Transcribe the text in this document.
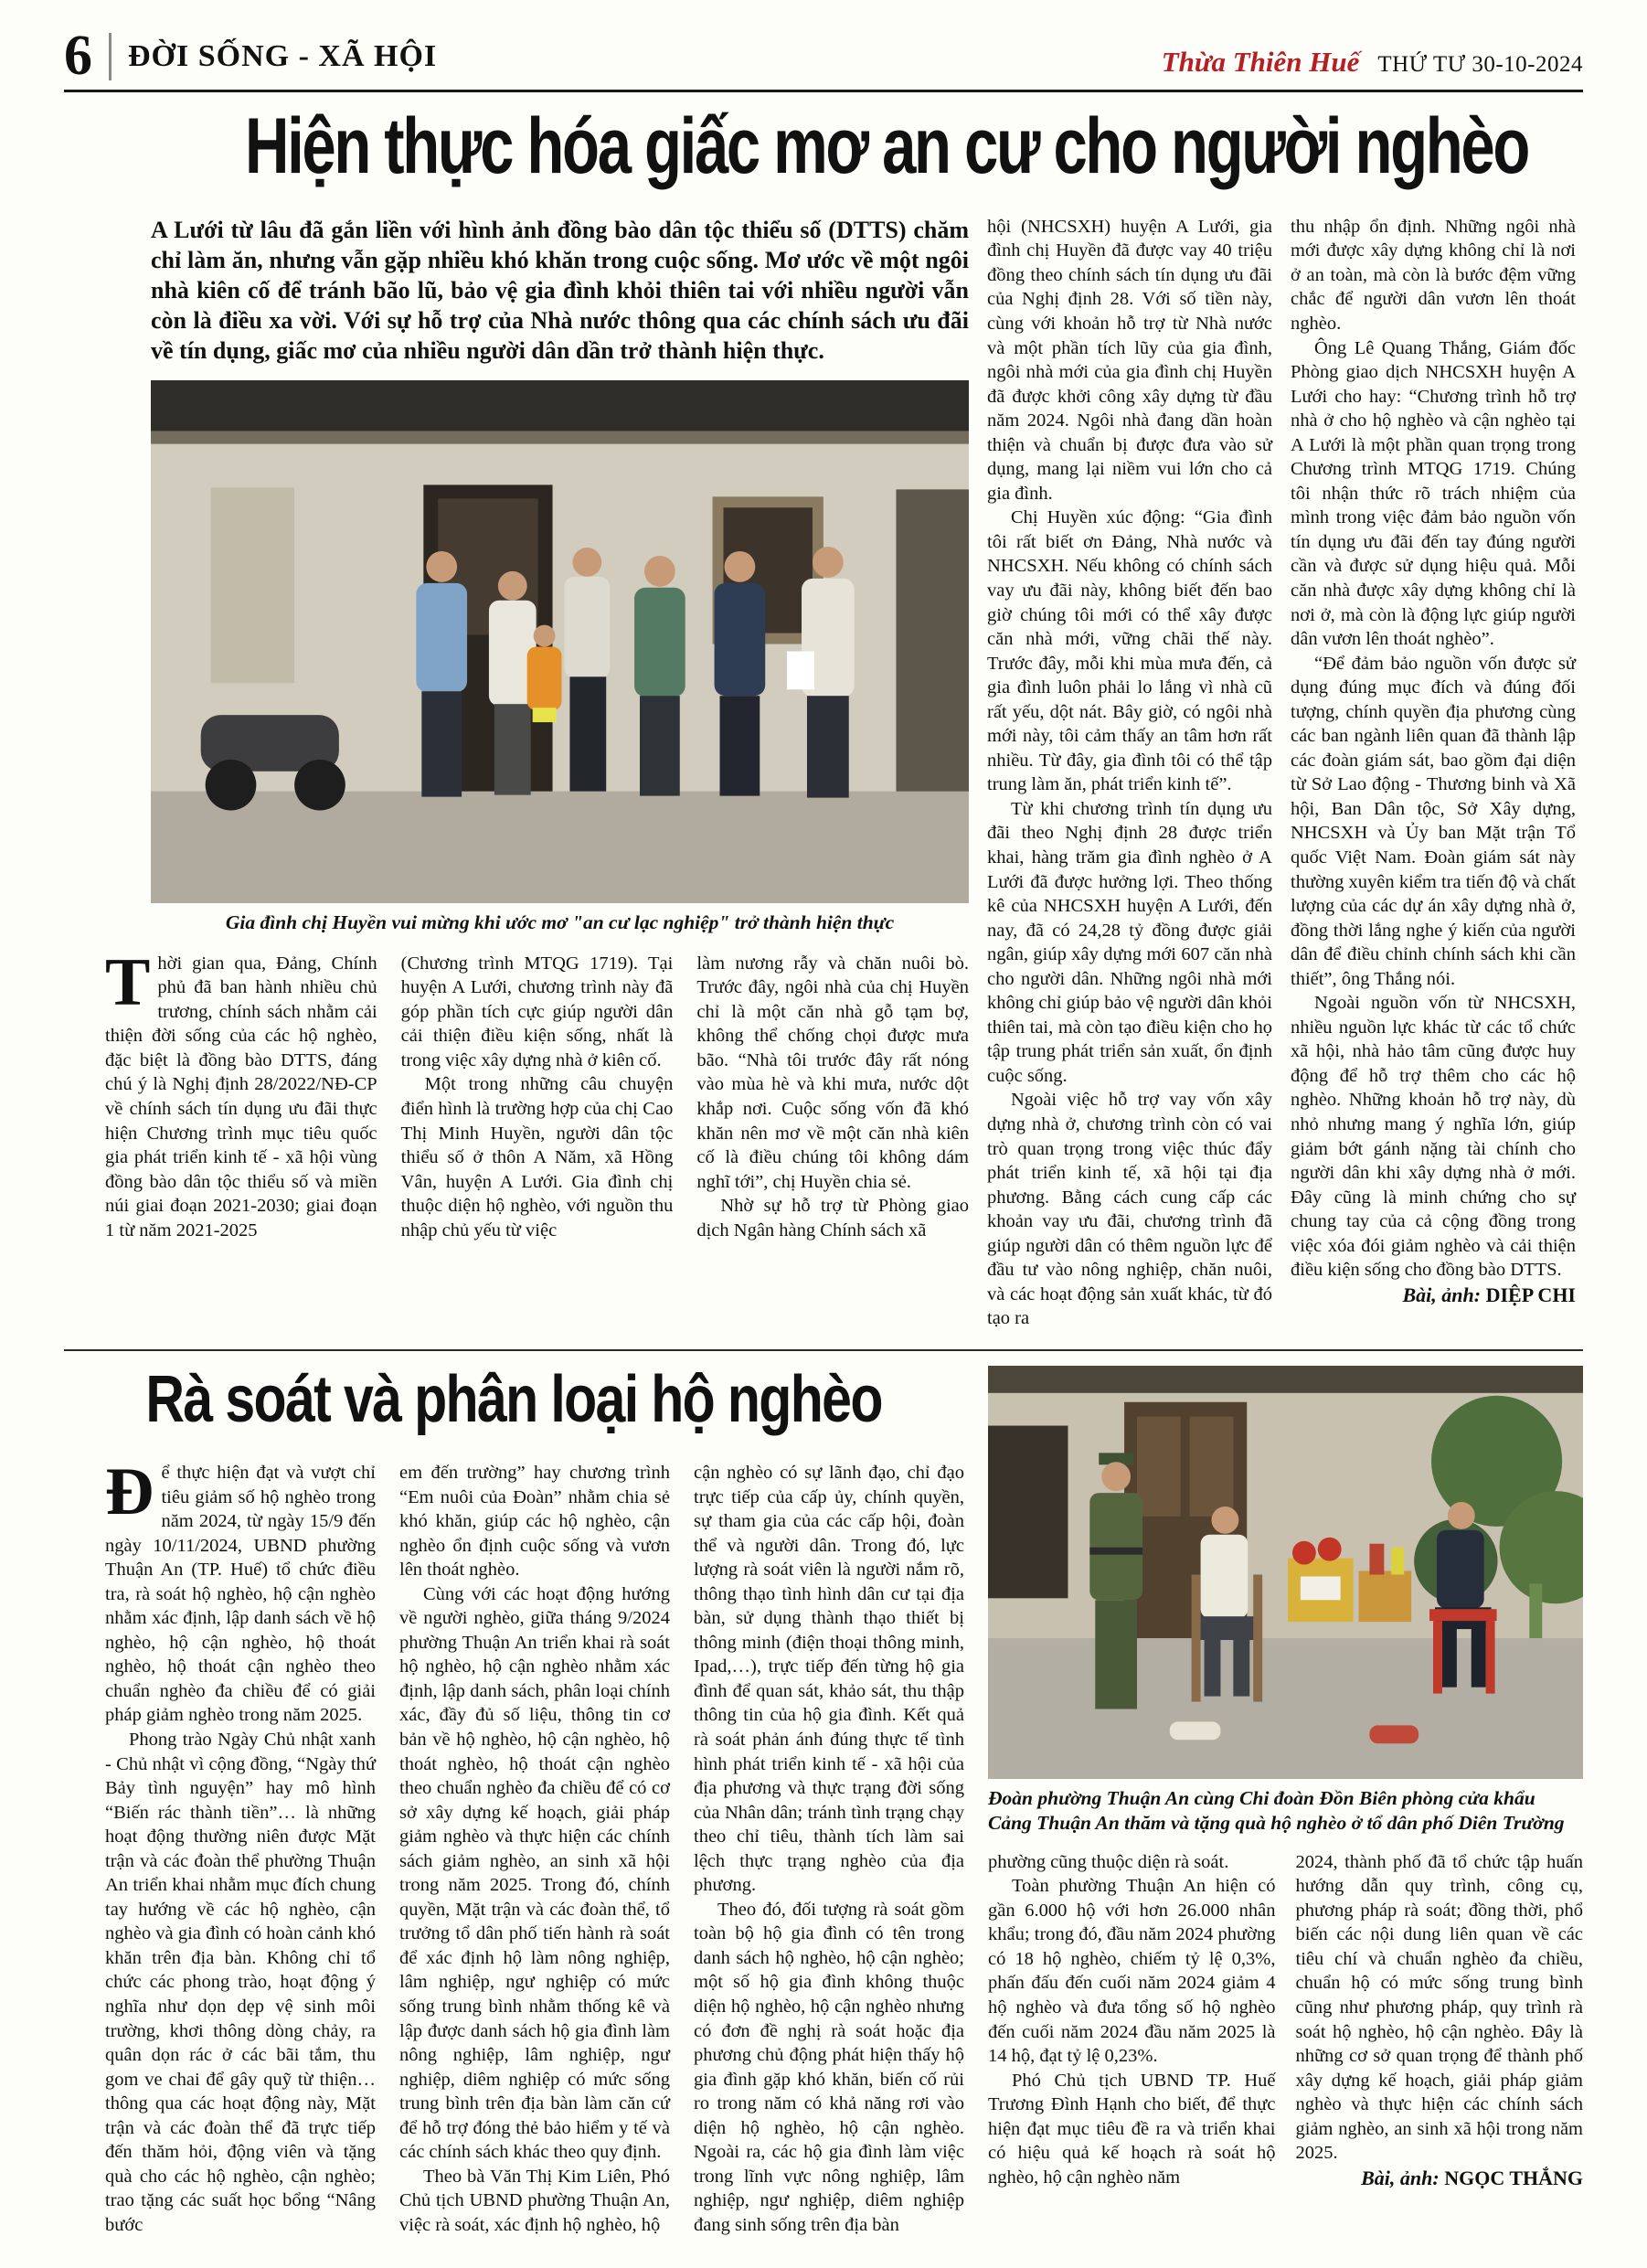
6 ĐỜI SỐNG - XÃ HỘI	Thừa Thiên Huế THỨ TƯ 30-10-2024
Hiện thực hóa giấc mơ an cư cho người nghèo

A Lưới từ lâu đã gắn liền với hình ảnh đồng bào dân tộc thiểu số (DTTS) chăm chỉ làm ăn, nhưng vẫn gặp nhiều khó khăn trong cuộc sống. Mơ ước về một ngôi nhà kiên cố để tránh bão lũ, bảo vệ gia đình khỏi thiên tai với nhiều người vẫn còn là điều xa vời. Với sự hỗ trợ của Nhà nước thông qua các chính sách ưu đãi về tín dụng, giấc mơ của nhiều người dân dần trở thành hiện thực.

Gia đình chị Huyền vui mừng khi ước mơ "an cư lạc nghiệp" trở thành hiện thực

Thời gian qua, Đảng, Chính phủ đã ban hành nhiều chủ trương, chính sách nhằm cải thiện đời sống của các hộ nghèo, đặc biệt là đồng bào DTTS, đáng chú ý là Nghị định 28/2022/NĐ-CP về chính sách tín dụng ưu đãi thực hiện Chương trình mục tiêu quốc gia phát triển kinh tế - xã hội vùng đồng bào dân tộc thiểu số và miền núi giai đoạn 2021-2030; giai đoạn 1 từ năm 2021-2025

(Chương trình MTQG 1719). Tại huyện A Lưới, chương trình này đã góp phần tích cực giúp người dân cải thiện điều kiện sống, nhất là trong việc xây dựng nhà ở kiên cố.

Một trong những câu chuyện điển hình là trường hợp của chị Cao Thị Minh Huyền, người dân tộc thiểu số ở thôn A Năm, xã Hồng Vân, huyện A Lưới. Gia đình chị thuộc diện hộ nghèo, với nguồn thu nhập chủ yếu từ việc

làm nương rẫy và chăn nuôi bò. Trước đây, ngôi nhà của chị Huyền chỉ là một căn nhà gỗ tạm bợ, không thể chống chọi được mưa bão. “Nhà tôi trước đây rất nóng vào mùa hè và khi mưa, nước dột khắp nơi. Cuộc sống vốn đã khó khăn nên mơ về một căn nhà kiên cố là điều chúng tôi không dám nghĩ tới”, chị Huyền chia sẻ.

Nhờ sự hỗ trợ từ Phòng giao dịch Ngân hàng Chính sách xã

hội (NHCSXH) huyện A Lưới, gia đình chị Huyền đã được vay 40 triệu đồng theo chính sách tín dụng ưu đãi của Nghị định 28. Với số tiền này, cùng với khoản hỗ trợ từ Nhà nước và một phần tích lũy của gia đình, ngôi nhà mới của gia đình chị Huyền đã được khởi công xây dựng từ đầu năm 2024. Ngôi nhà đang dần hoàn thiện và chuẩn bị được đưa vào sử dụng, mang lại niềm vui lớn cho cả gia đình.

Chị Huyền xúc động: “Gia đình tôi rất biết ơn Đảng, Nhà nước và NHCSXH. Nếu không có chính sách vay ưu đãi này, không biết đến bao giờ chúng tôi mới có thể xây được căn nhà mới, vững chãi thế này. Trước đây, mỗi khi mùa mưa đến, cả gia đình luôn phải lo lắng vì nhà cũ rất yếu, dột nát. Bây giờ, có ngôi nhà mới này, tôi cảm thấy an tâm hơn rất nhiều. Từ đây, gia đình tôi có thể tập trung làm ăn, phát triển kinh tế”.

Từ khi chương trình tín dụng ưu đãi theo Nghị định 28 được triển khai, hàng trăm gia đình nghèo ở A Lưới đã được hưởng lợi. Theo thống kê của NHCSXH huyện A Lưới, đến nay, đã có 24,28 tỷ đồng được giải ngân, giúp xây dựng mới 607 căn nhà cho người dân. Những ngôi nhà mới không chỉ giúp bảo vệ người dân khỏi thiên tai, mà còn tạo điều kiện cho họ tập trung phát triển sản xuất, ổn định cuộc sống.

Ngoài việc hỗ trợ vay vốn xây dựng nhà ở, chương trình còn có vai trò quan trọng trong việc thúc đẩy phát triển kinh tế, xã hội tại địa phương. Bằng cách cung cấp các khoản vay ưu đãi, chương trình đã giúp người dân có thêm nguồn lực để đầu tư vào nông nghiệp, chăn nuôi, và các hoạt động sản xuất khác, từ đó tạo ra

thu nhập ổn định. Những ngôi nhà mới được xây dựng không chỉ là nơi ở an toàn, mà còn là bước đệm vững chắc để người dân vươn lên thoát nghèo.

Ông Lê Quang Thắng, Giám đốc Phòng giao dịch NHCSXH huyện A Lưới cho hay: “Chương trình hỗ trợ nhà ở cho hộ nghèo và cận nghèo tại A Lưới là một phần quan trọng trong Chương trình MTQG 1719. Chúng tôi nhận thức rõ trách nhiệm của mình trong việc đảm bảo nguồn vốn tín dụng ưu đãi đến tay đúng người cần và được sử dụng hiệu quả. Mỗi căn nhà được xây dựng không chỉ là nơi ở, mà còn là động lực giúp người dân vươn lên thoát nghèo”.

“Để đảm bảo nguồn vốn được sử dụng đúng mục đích và đúng đối tượng, chính quyền địa phương cùng các ban ngành liên quan đã thành lập các đoàn giám sát, bao gồm đại diện từ Sở Lao động - Thương binh và Xã hội, Ban Dân tộc, Sở Xây dựng, NHCSXH và Ủy ban Mặt trận Tổ quốc Việt Nam. Đoàn giám sát này thường xuyên kiểm tra tiến độ và chất lượng của các dự án xây dựng nhà ở, đồng thời lắng nghe ý kiến của người dân để điều chỉnh chính sách khi cần thiết”, ông Thắng nói.

Ngoài nguồn vốn từ NHCSXH, nhiều nguồn lực khác từ các tổ chức xã hội, nhà hảo tâm cũng được huy động để hỗ trợ thêm cho các hộ nghèo. Những khoản hỗ trợ này, dù nhỏ nhưng mang ý nghĩa lớn, giúp giảm bớt gánh nặng tài chính cho người dân khi xây dựng nhà ở mới. Đây cũng là minh chứng cho sự chung tay của cả cộng đồng trong việc xóa đói giảm nghèo và cải thiện điều kiện sống cho đồng bào DTTS.

Bài, ảnh: DIỆP CHI

Rà soát và phân loại hộ nghèo

Để thực hiện đạt và vượt chỉ tiêu giảm số hộ nghèo trong năm 2024, từ ngày 15/9 đến ngày 10/11/2024, UBND phường Thuận An (TP. Huế) tổ chức điều tra, rà soát hộ nghèo, hộ cận nghèo nhằm xác định, lập danh sách về hộ nghèo, hộ cận nghèo, hộ thoát nghèo, hộ thoát cận nghèo theo chuẩn nghèo đa chiều để có giải pháp giảm nghèo trong năm 2025.

Phong trào Ngày Chủ nhật xanh - Chủ nhật vì cộng đồng, “Ngày thứ Bảy tình nguyện” hay mô hình “Biến rác thành tiền”… là những hoạt động thường niên được Mặt trận và các đoàn thể phường Thuận An triển khai nhằm mục đích chung tay hướng về các hộ nghèo, cận nghèo và gia đình có hoàn cảnh khó khăn trên địa bàn. Không chỉ tổ chức các phong trào, hoạt động ý nghĩa như dọn dẹp vệ sinh môi trường, khơi thông dòng chảy, ra quân dọn rác ở các bãi tắm, thu gom ve chai để gây quỹ từ thiện… thông qua các hoạt động này, Mặt trận và các đoàn thể đã trực tiếp đến thăm hỏi, động viên và tặng quà cho các hộ nghèo, cận nghèo; trao tặng các suất học bổng “Nâng bước

em đến trường” hay chương trình “Em nuôi của Đoàn” nhằm chia sẻ khó khăn, giúp các hộ nghèo, cận nghèo ổn định cuộc sống và vươn lên thoát nghèo.

Cùng với các hoạt động hướng về người nghèo, giữa tháng 9/2024 phường Thuận An triển khai rà soát hộ nghèo, hộ cận nghèo nhằm xác định, lập danh sách, phân loại chính xác, đầy đủ số liệu, thông tin cơ bản về hộ nghèo, hộ cận nghèo, hộ thoát nghèo, hộ thoát cận nghèo theo chuẩn nghèo đa chiều để có cơ sở xây dựng kế hoạch, giải pháp giảm nghèo và thực hiện các chính sách giảm nghèo, an sinh xã hội trong năm 2025. Trong đó, chính quyền, Mặt trận và các đoàn thể, tổ trưởng tổ dân phố tiến hành rà soát để xác định hộ làm nông nghiệp, lâm nghiệp, ngư nghiệp có mức sống trung bình nhằm thống kê và lập được danh sách hộ gia đình làm nông nghiệp, lâm nghiệp, ngư nghiệp, diêm nghiệp có mức sống trung bình trên địa bàn làm căn cứ để hỗ trợ đóng thẻ bảo hiểm y tế và các chính sách khác theo quy định.

Theo bà Văn Thị Kim Liên, Phó Chủ tịch UBND phường Thuận An, việc rà soát, xác định hộ nghèo, hộ

cận nghèo có sự lãnh đạo, chỉ đạo trực tiếp của cấp ủy, chính quyền, sự tham gia của các cấp hội, đoàn thể và người dân. Trong đó, lực lượng rà soát viên là người nắm rõ, thông thạo tình hình dân cư tại địa bàn, sử dụng thành thạo thiết bị thông minh (điện thoại thông minh, Ipad,…), trực tiếp đến từng hộ gia đình để quan sát, khảo sát, thu thập thông tin của hộ gia đình. Kết quả rà soát phản ánh đúng thực tế tình hình phát triển kinh tế - xã hội của địa phương và thực trạng đời sống của Nhân dân; tránh tình trạng chạy theo chỉ tiêu, thành tích làm sai lệch thực trạng nghèo của địa phương.

Theo đó, đối tượng rà soát gồm toàn bộ hộ gia đình có tên trong danh sách hộ nghèo, hộ cận nghèo; một số hộ gia đình không thuộc diện hộ nghèo, hộ cận nghèo nhưng có đơn đề nghị rà soát hoặc địa phương chủ động phát hiện thấy hộ gia đình gặp khó khăn, biến cố rủi ro trong năm có khả năng rơi vào diện hộ nghèo, hộ cận nghèo. Ngoài ra, các hộ gia đình làm việc trong lĩnh vực nông nghiệp, lâm nghiệp, ngư nghiệp, diêm nghiệp đang sinh sống trên địa bàn

Đoàn phường Thuận An cùng Chi đoàn Đồn Biên phòng cửa khẩu Cảng Thuận An thăm và tặng quà hộ nghèo ở tổ dân phố Diên Trường

phường cũng thuộc diện rà soát.

Toàn phường Thuận An hiện có gần 6.000 hộ với hơn 26.000 nhân khẩu; trong đó, đầu năm 2024 phường có 18 hộ nghèo, chiếm tỷ lệ 0,3%, phấn đấu đến cuối năm 2024 giảm 4 hộ nghèo và đưa tổng số hộ nghèo đến cuối năm 2024 đầu năm 2025 là 14 hộ, đạt tỷ lệ 0,23%.

Phó Chủ tịch UBND TP. Huế Trương Đình Hạnh cho biết, để thực hiện đạt mục tiêu đề ra và triển khai có hiệu quả kế hoạch rà soát hộ nghèo, hộ cận nghèo năm

2024, thành phố đã tổ chức tập huấn hướng dẫn quy trình, công cụ, phương pháp rà soát; đồng thời, phổ biến các nội dung liên quan về các tiêu chí và chuẩn nghèo đa chiều, chuẩn hộ có mức sống trung bình cũng như phương pháp, quy trình rà soát hộ nghèo, hộ cận nghèo. Đây là những cơ sở quan trọng để thành phố xây dựng kế hoạch, giải pháp giảm nghèo và thực hiện các chính sách giảm nghèo, an sinh xã hội trong năm 2025.

Bài, ảnh: NGỌC THẮNG
